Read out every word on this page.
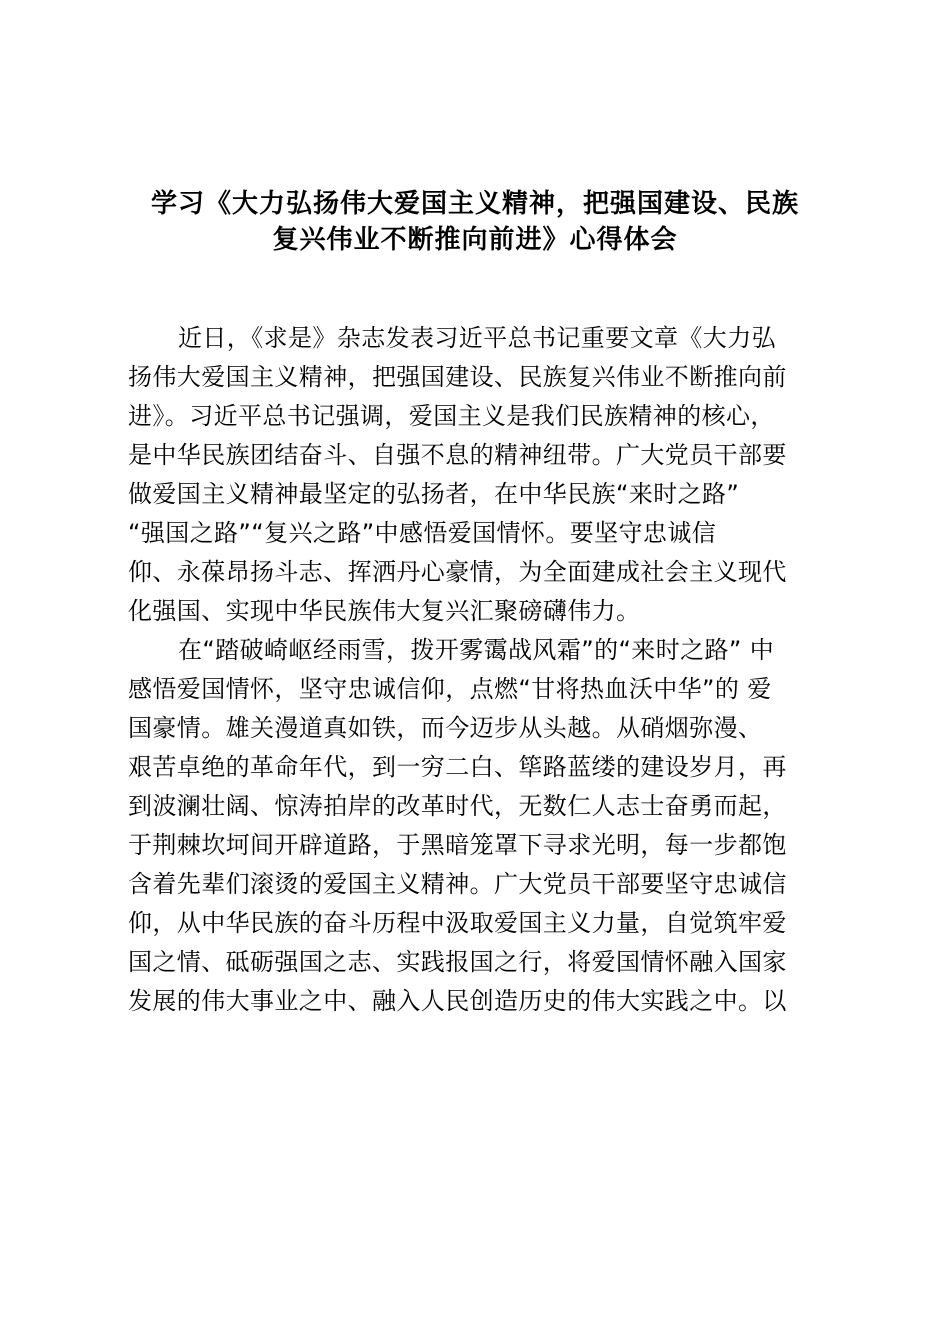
学习《大力弘扬伟大爱国主义精神，把强国建设、民族
复兴伟业不断推向前进》心得体会
近日，《求是》杂志发表习近平总书记重要文章《大力弘
扬伟大爱国主义精神，把强国建设、民族复兴伟业不断推向前
进》。习近平总书记强调，爱国主义是我们民族精神的核心，
是中华民族团结奋斗、自强不息的精神纽带。广大党员干部要
做爱国主义精神最坚定的弘扬者，在中华民族“来时之路”
“强国之路”“复兴之路”中感悟爱国情怀。要坚守忠诚信
仰、永葆昂扬斗志、挥洒丹心豪情，为全面建成社会主义现代
化强国、实现中华民族伟大复兴汇聚磅礴伟力。
在“踏破崎岖经雨雪，拨开雾霭战风霜”的“来时之路” 中
感悟爱国情怀，坚守忠诚信仰，点燃“甘将热血沃中华”的 爱
国豪情。雄关漫道真如铁，而今迈步从头越。从硝烟弥漫、
艰苦卓绝的革命年代，到一穷二白、筚路蓝缕的建设岁月，再
到波澜壮阔、惊涛拍岸的改革时代，无数仁人志士奋勇而起，
于荆棘坎坷间开辟道路，于黑暗笼罩下寻求光明，每一步都饱
含着先辈们滚烫的爱国主义精神。广大党员干部要坚守忠诚信
仰，从中华民族的奋斗历程中汲取爱国主义力量，自觉筑牢爱
国之情、砥砺强国之志、实践报国之行，将爱国情怀融入国家
发展的伟大事业之中、融入人民创造历史的伟大实践之中。以
